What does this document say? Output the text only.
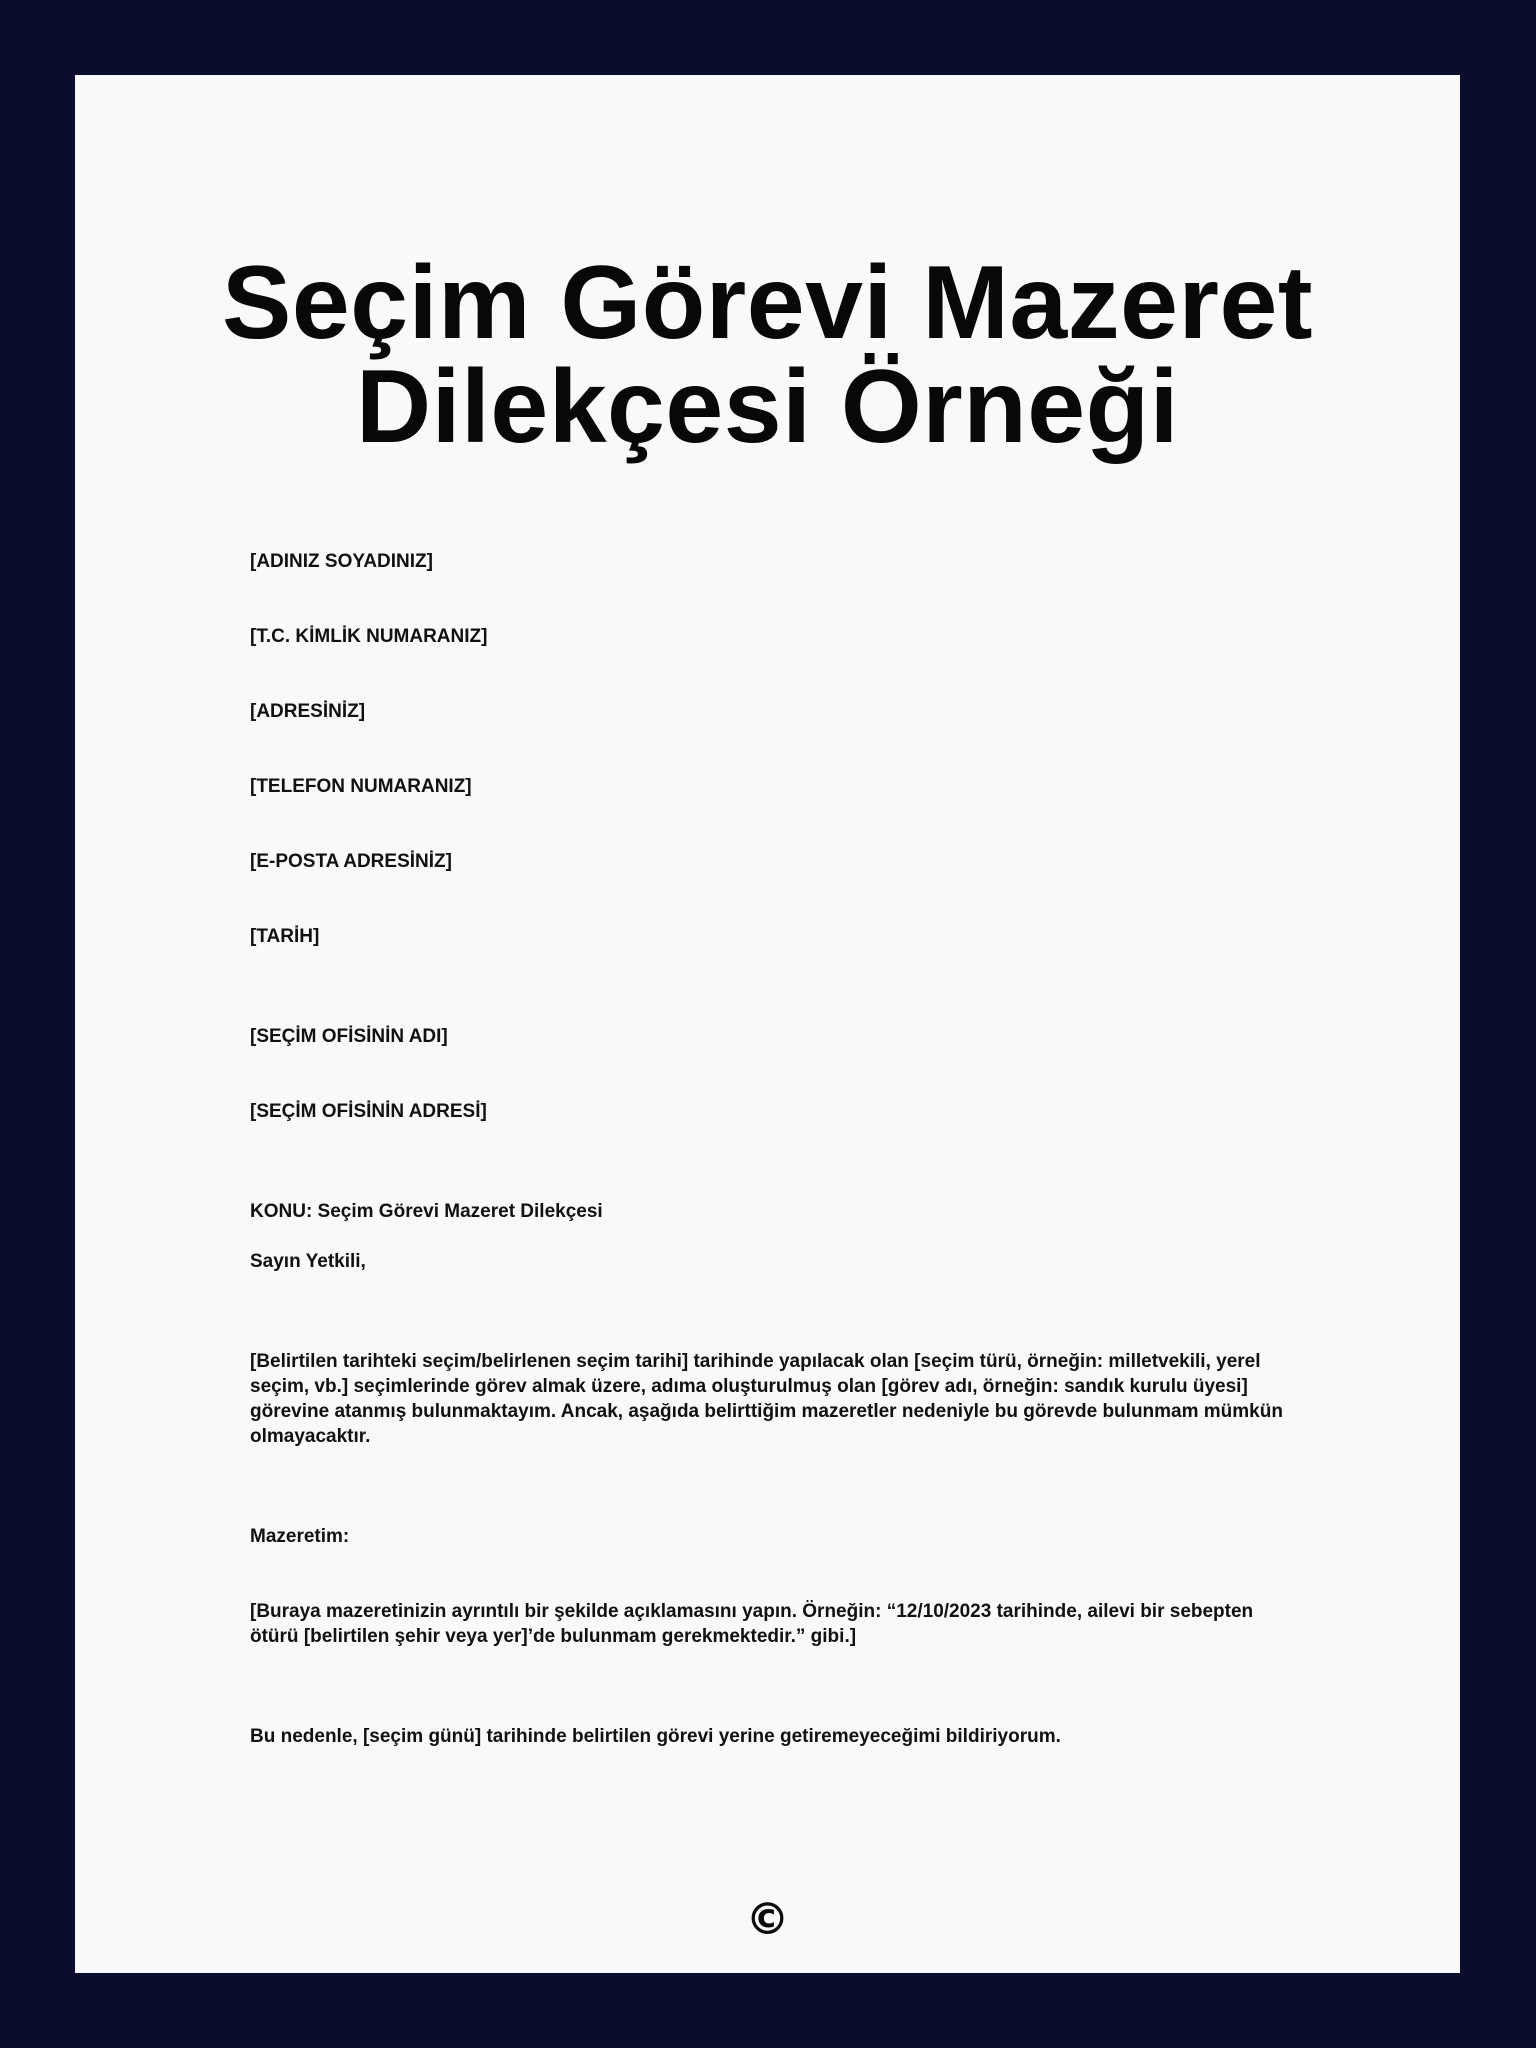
Seçim Görevi Mazeret
Dilekçesi Örneği

[ADINIZ SOYADINIZ]

[T.C. KİMLİK NUMARANIZ]

[ADRESİNİZ]

[TELEFON NUMARANIZ]

[E-POSTA ADRESİNİZ]

[TARİH]

[SEÇİM OFİSİNİN ADI]

[SEÇİM OFİSİNİN ADRESİ]

KONU: Seçim Görevi Mazeret Dilekçesi

Sayın Yetkili,

[Belirtilen tarihteki seçim/belirlenen seçim tarihi] tarihinde yapılacak olan [seçim türü, örneğin: milletvekili, yerel seçim, vb.] seçimlerinde görev almak üzere, adıma oluşturulmuş olan [görev adı, örneğin: sandık kurulu üyesi] görevine atanmış bulunmaktayım. Ancak, aşağıda belirttiğim mazeretler nedeniyle bu görevde bulunmam mümkün olmayacaktır.

Mazeretim:

[Buraya mazeretinizin ayrıntılı bir şekilde açıklamasını yapın. Örneğin: “12/10/2023 tarihinde, ailevi bir sebepten ötürü [belirtilen şehir veya yer]’de bulunmam gerekmektedir.” gibi.]

Bu nedenle, [seçim günü] tarihinde belirtilen görevi yerine getiremeyeceğimi bildiriyorum.

©
